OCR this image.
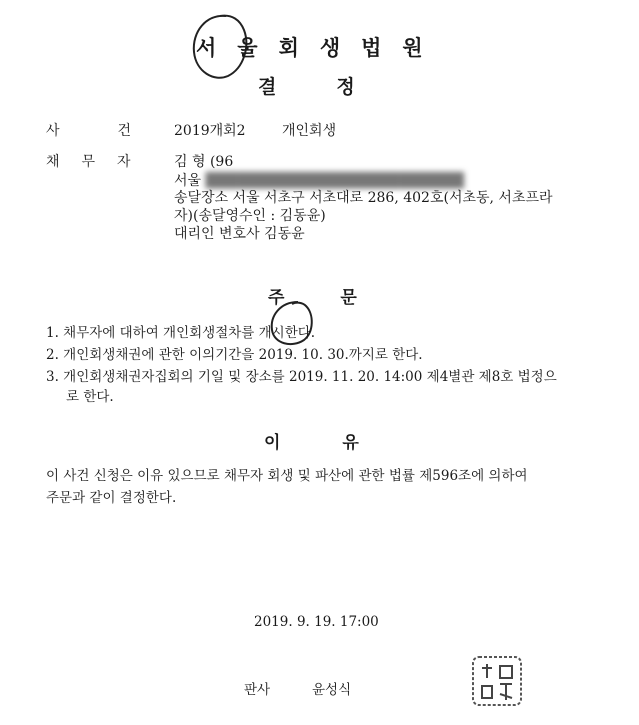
서울회생법원
결정
사건
2019개회2	개인회생
채무자 김 형 (96
서울 ████████████████████████
송달장소 서울 서초구 서초대로 286, 402호(서초동, 서초프라
자)(송달영수인 : 김동윤)
대리인 변호사 김동윤
주문
1. 채무자에 대하여 개인회생절차를 개시한다.
2. 개인회생채권에 관한 이의기간을 2019. 10. 30.까지로 한다.
3. 개인회생채권자집회의 기일 및 장소를 2019. 11. 20. 14:00 제4별관 제8호 법정으
로 한다.
이유
이 사건 신청은 이유 있으므로 채무자 회생 및 파산에 관한 법률 제596조에 의하여
주문과 같이 결정한다.
2019. 9. 19. 17:00
판사	윤성식
